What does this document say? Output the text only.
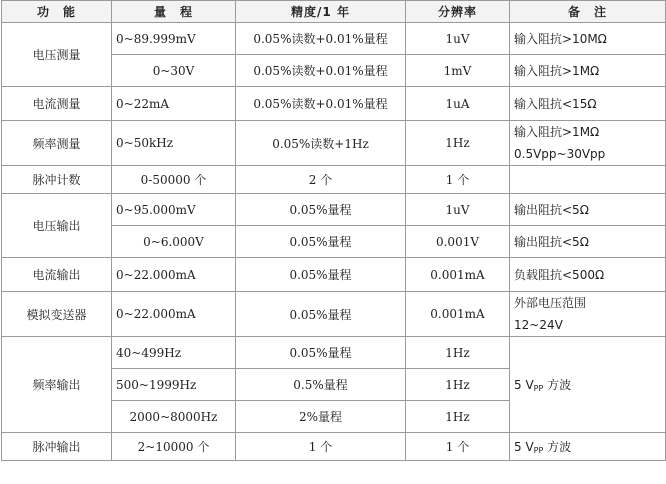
功　能	量　程	精度/1 年	分辨率	备　注
电压测量	0~89.999mV	0.05%读数+0.01%量程	1uV	输入阻抗>10MΩ
	0~30V	0.05%读数+0.01%量程	1mV	输入阻抗>1MΩ
电流测量	0~22mA	0.05%读数+0.01%量程	1uA	输入阻抗<15Ω
频率测量	0~50kHz	0.05%读数+1Hz	1Hz	输入阻抗>1MΩ
0.5Vpp~30Vpp

脉冲计数	0-50000 个	2 个	1 个	
电压输出	0~95.000mV	0.05%量程	1uV	输出阻抗<5Ω
	0~6.000V	0.05%量程	0.001V	输出阻抗<5Ω
电流输出	0~22.000mA	0.05%量程	0.001mA	负载阻抗<500Ω
模拟变送器	0~22.000mA	0.05%量程	0.001mA	外部电压范围
12~24V

频率输出	40~499Hz	0.05%量程	1Hz	5 $V_{PP}$ 方波
	500~1999Hz	0.5%量程	1Hz	
	2000~8000Hz	2%量程	1Hz	
脉冲输出	2~10000 个	1 个	1 个	5 $V_{PP}$ 方波
